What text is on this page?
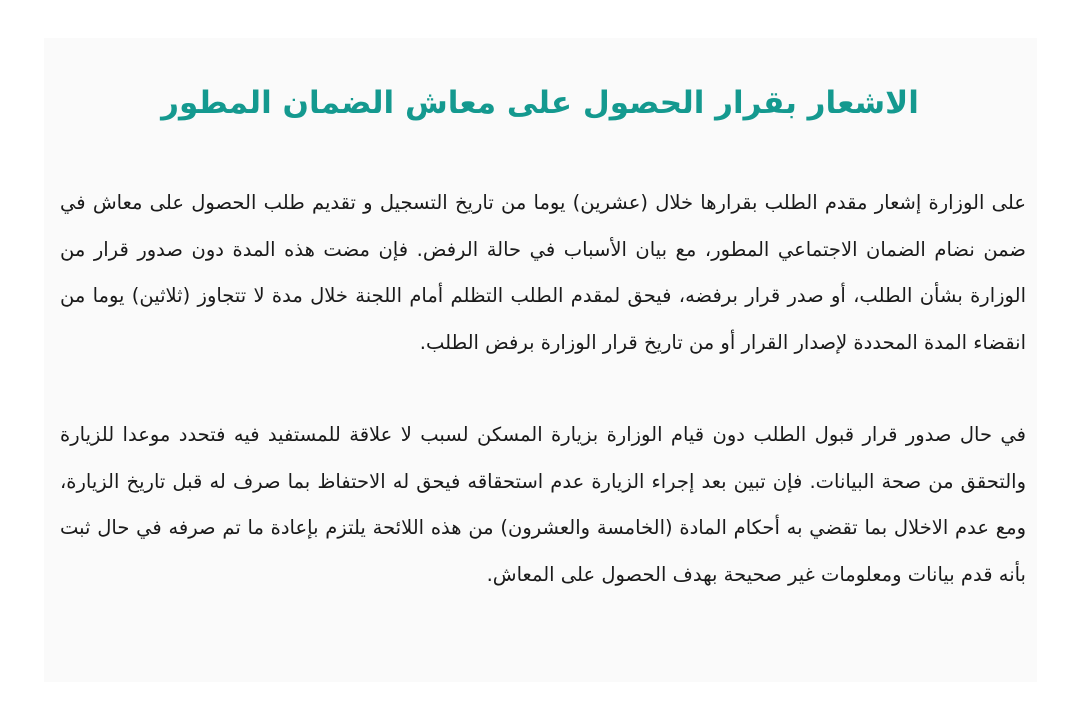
الاشعار بقرار الحصول على معاش الضمان المطور

على الوزارة إشعار مقدم الطلب بقرارها خلال (عشرين) يوما من تاريخ التسجيل و تقديم طلب الحصول على معاش في ضمن نضام الضمان الاجتماعي المطور، مع بيان الأسباب في حالة الرفض. فإن مضت هذه المدة دون صدور قرار من الوزارة بشأن الطلب، أو صدر قرار برفضه، فيحق لمقدم الطلب التظلم أمام اللجنة خلال مدة لا تتجاوز (ثلاثين) يوما من انقضاء المدة المحددة لإصدار القرار أو من تاريخ قرار الوزارة برفض الطلب.

في حال صدور قرار قبول الطلب دون قيام الوزارة بزيارة المسكن لسبب لا علاقة للمستفيد فيه فتحدد موعدا للزيارة والتحقق من صحة البيانات. فإن تبين بعد إجراء الزيارة عدم استحقاقه فيحق له الاحتفاظ بما صرف له قبل تاريخ الزيارة، ومع عدم الاخلال بما تقضي به أحكام المادة (الخامسة والعشرون) من هذه اللائحة يلتزم بإعادة ما تم صرفه في حال ثبت بأنه قدم بيانات ومعلومات غير صحيحة بهدف الحصول على المعاش.
